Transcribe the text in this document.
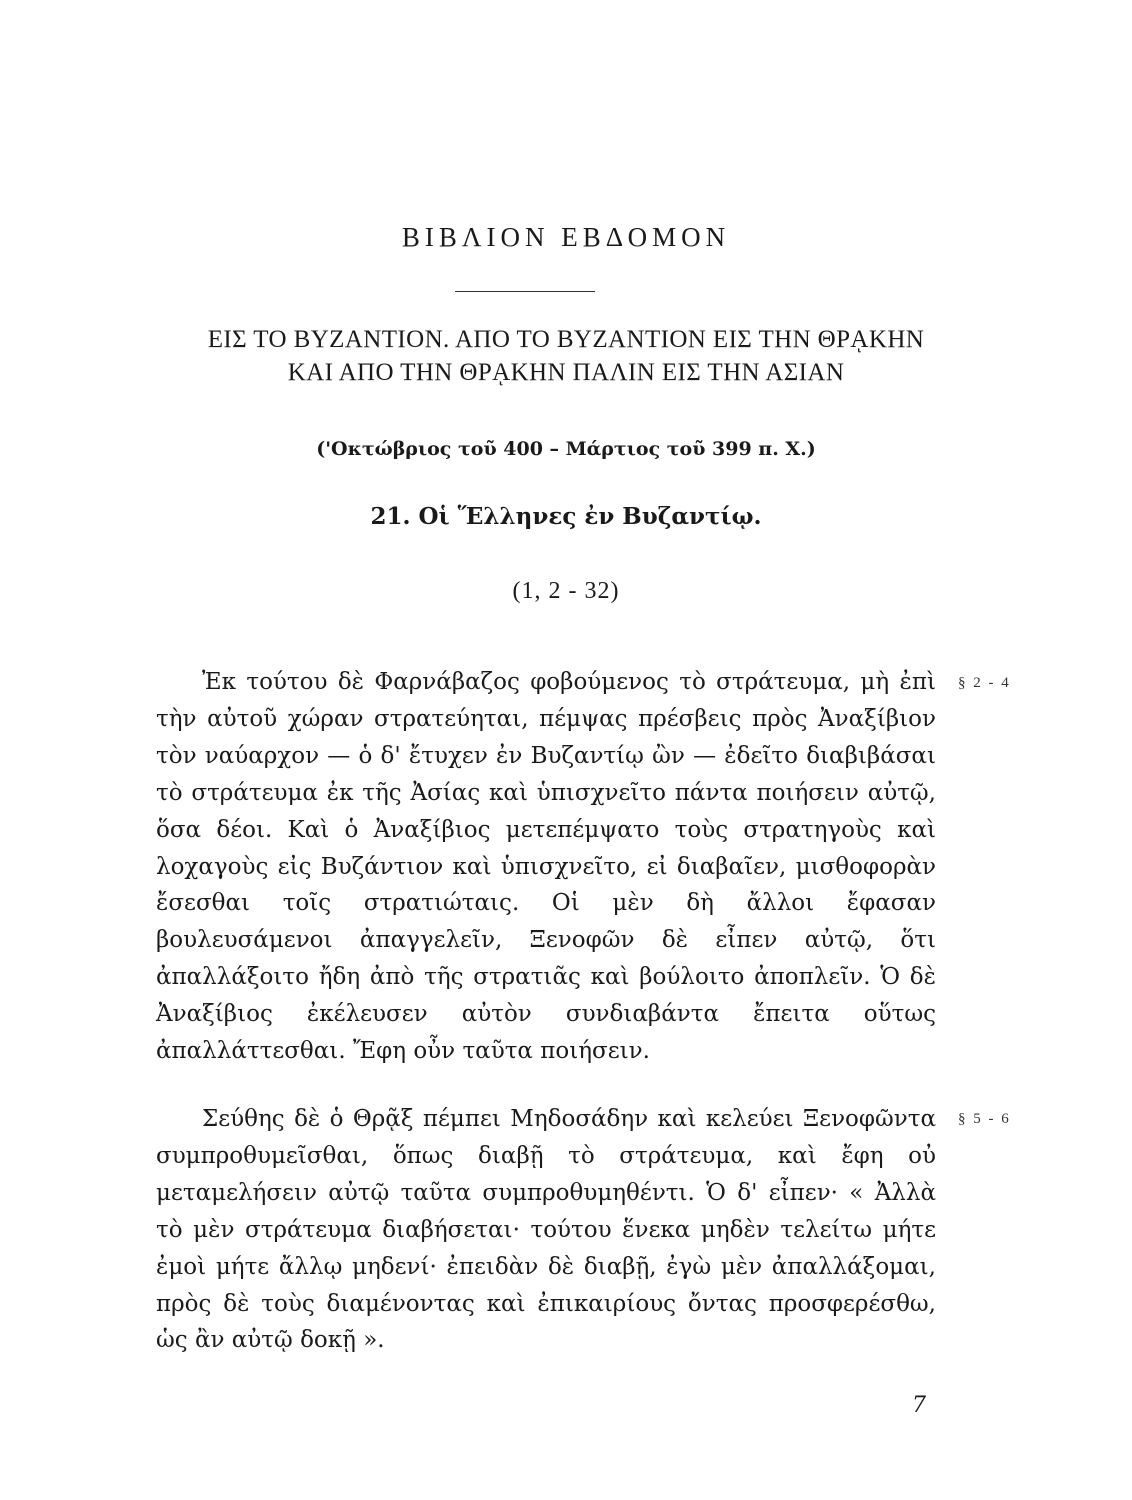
ΒΙΒΛΙΟΝ ΕΒΔΟΜΟΝ
ΕΙΣ ΤΟ ΒΥΖΑΝΤΙΟΝ. ΑΠΟ ΤΟ ΒΥΖΑΝΤΙΟΝ ΕΙΣ ΤΗΝ ΘΡᾼΚΗΝ
ΚΑΙ ΑΠΟ ΤΗΝ ΘΡᾼΚΗΝ ΠΑΛΙΝ ΕΙΣ ΤΗΝ ΑΣΙΑΝ
('Οκτώβριος τοῦ 400 – Μάρτιος τοῦ 399 π. Χ.)
21. Οἱ Ἕλληνες ἐν Βυζαντίῳ.
(1, 2 - 32)
Ἐκ τούτου δὲ Φαρνάβαζος φοβούμενος τὸ στράτευμα, μὴ ἐπὶ τὴν αὐτοῦ χώραν στρατεύηται, πέμψας πρέσβεις πρὸς Ἀναξίβιον τὸν ναύαρχον — ὁ δ' ἔτυχεν ἐν Βυζαντίῳ ὢν — ἐδεῖτο διαβιβάσαι τὸ στράτευμα ἐκ τῆς Ἀσίας καὶ ὑπισχνεῖτο πάντα ποιήσειν αὐτῷ, ὅσα δέοι. Καὶ ὁ Ἀναξίβιος μετεπέμψατο τοὺς στρατηγοὺς καὶ λοχαγοὺς εἰς Βυζάντιον καὶ ὑπισχνεῖτο, εἰ διαβαῖεν, μισθοφορὰν ἔσεσθαι τοῖς στρατιώταις. Οἱ μὲν δὴ ἄλλοι ἔφασαν βουλευσάμενοι ἀπαγγελεῖν, Ξενοφῶν δὲ εἶπεν αὐτῷ, ὅτι ἀπαλλάξοιτο ἤδη ἀπὸ τῆς στρατιᾶς καὶ βούλοιτο ἀποπλεῖν. Ὁ δὲ Ἀναξίβιος ἐκέλευσεν αὐτὸν συνδιαβάντα ἔπειτα οὕτως ἀπαλλάττεσθαι. Ἔφη οὖν ταῦτα ποιήσειν.
§ 2 - 4
Σεύθης δὲ ὁ Θρᾷξ πέμπει Μηδοσάδην καὶ κελεύει Ξενοφῶντα συμπροθυμεῖσθαι, ὅπως διαβῇ τὸ στράτευμα, καὶ ἔφη οὐ μεταμελήσειν αὐτῷ ταῦτα συμπροθυμηθέντι. Ὁ δ' εἶπεν· « Ἀλλὰ τὸ μὲν στράτευμα διαβήσεται· τούτου ἕνεκα μηδὲν τελείτω μήτε ἐμοὶ μήτε ἄλλῳ μηδενί· ἐπειδὰν δὲ διαβῇ, ἐγὼ μὲν ἀπαλλάξομαι, πρὸς δὲ τοὺς διαμένοντας καὶ ἐπικαιρίους ὄντας προσφερέσθω, ὡς ἂν αὐτῷ δοκῇ ».
§ 5 - 6
7
